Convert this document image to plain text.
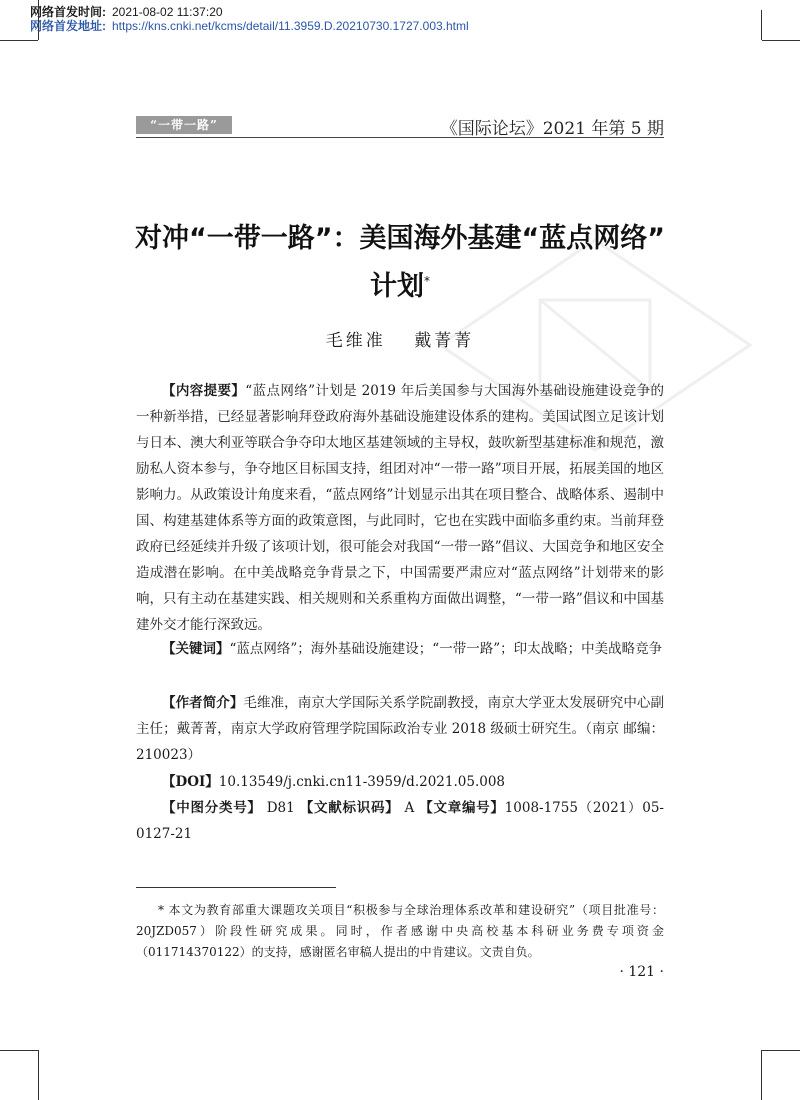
网络首发时间: 2021-08-02 11:37:20
网络首发地址: https://kns.cnki.net/kcms/detail/11.3959.D.20210730.1727.003.html
“一带一路”	《国际论坛》2021 年第 5 期
对冲“一带一路”：美国海外基建“蓝点网络”
计划*
毛维准 戴菁菁
【内容提要】“蓝点网络”计划是 2019 年后美国参与大国海外基础设施建设竞争的一种新举措，已经显著影响拜登政府海外基础设施建设体系的建构。美国试图立足该计划与日本、澳大利亚等联合争夺印太地区基建领域的主导权，鼓吹新型基建标准和规范，激励私人资本参与，争夺地区目标国支持，组团对冲“一带一路”项目开展，拓展美国的地区影响力。从政策设计角度来看，“蓝点网络”计划显示出其在项目整合、战略体系、遏制中国、构建基建体系等方面的政策意图，与此同时，它也在实践中面临多重约束。当前拜登政府已经延续并升级了该项计划，很可能会对我国“一带一路”倡议、大国竞争和地区安全造成潜在影响。在中美战略竞争背景之下，中国需要严肃应对“蓝点网络”计划带来的影响，只有主动在基建实践、相关规则和关系重构方面做出调整，“一带一路”倡议和中国基建外交才能行深致远。
【关键词】“蓝点网络”；海外基础设施建设；“一带一路”；印太战略；中美战略竞争
【作者简介】毛维准，南京大学国际关系学院副教授，南京大学亚太发展研究中心副主任；戴菁菁，南京大学政府管理学院国际政治专业 2018 级硕士研究生。（南京 邮编：210023）
【DOI】10.13549/j.cnki.cn11-3959/d.2021.05.008
【中图分类号】 D81 【文献标识码】 A 【文章编号】1008-1755（2021）05-0127-21
* 本文为教育部重大课题攻关项目“积极参与全球治理体系改革和建设研究”（项目批准号：20JZD057）阶段性研究成果。同时，作者感谢中央高校基本科研业务费专项资金（011714370122）的支持，感谢匿名审稿人提出的中肯建议。文责自负。
· 121 ·
